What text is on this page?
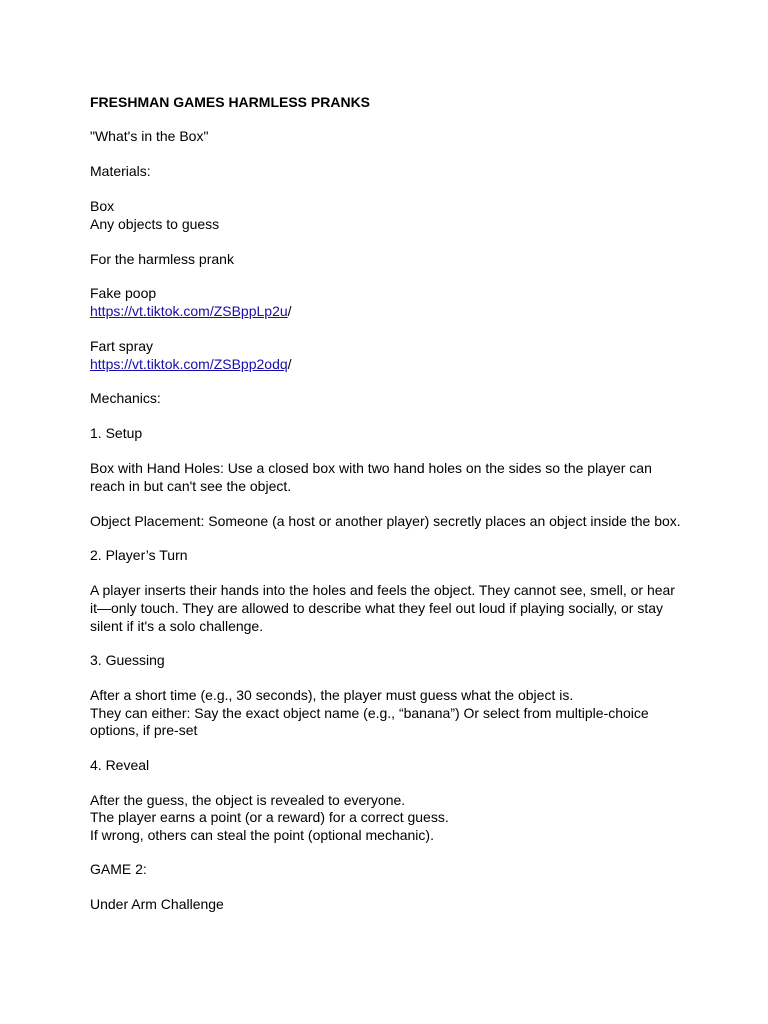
FRESHMAN GAMES HARMLESS PRANKS

"What's in the Box"

Materials:

Box

Any objects to guess

For the harmless prank

Fake poop

https://vt.tiktok.com/ZSBppLp2u/

Fart spray

https://vt.tiktok.com/ZSBpp2odq/

Mechanics:

1. Setup

Box with Hand Holes: Use a closed box with two hand holes on the sides so the player can

reach in but can't see the object.

Object Placement: Someone (a host or another player) secretly places an object inside the box.

2. Player’s Turn

A player inserts their hands into the holes and feels the object. They cannot see, smell, or hear

it—only touch. They are allowed to describe what they feel out loud if playing socially, or stay

silent if it's a solo challenge.

3. Guessing

After a short time (e.g., 30 seconds), the player must guess what the object is.

They can either: Say the exact object name (e.g., “banana”) Or select from multiple-choice

options, if pre-set

4. Reveal

After the guess, the object is revealed to everyone.

The player earns a point (or a reward) for a correct guess.

If wrong, others can steal the point (optional mechanic).

GAME 2:

Under Arm Challenge
